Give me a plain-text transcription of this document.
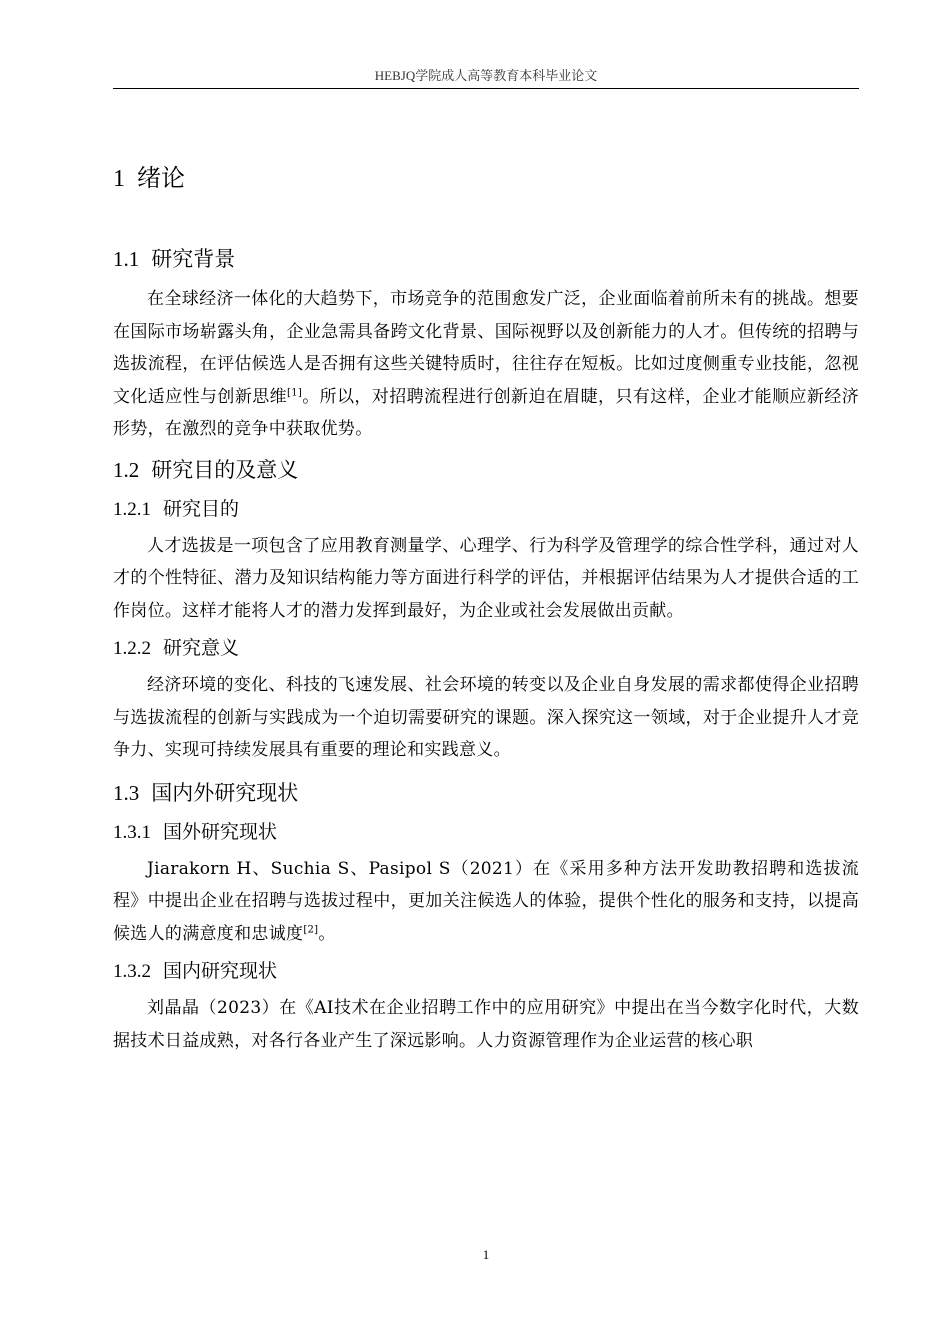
HEBJQ学院成人高等教育本科毕业论文
1 绪论
1.1 研究背景

在全球经济一体化的大趋势下，市场竞争的范围愈发广泛，企业面临着前所未有的挑战。想要在国际市场崭露头角，企业急需具备跨文化背景、国际视野以及创新能力的人才。但传统的招聘与选拔流程，在评估候选人是否拥有这些关键特质时，往往存在短板。比如过度侧重专业技能，忽视文化适应性与创新思维[1]。所以，对招聘流程进行创新迫在眉睫，只有这样，企业才能顺应新经济形势，在激烈的竞争中获取优势。

1.2 研究目的及意义
1.2.1 研究目的

人才选拔是一项包含了应用教育测量学、心理学、行为科学及管理学的综合性学科，通过对人才的个性特征、潜力及知识结构能力等方面进行科学的评估，并根据评估结果为人才提供合适的工作岗位。这样才能将人才的潜力发挥到最好，为企业或社会发展做出贡献。

1.2.2 研究意义

经济环境的变化、科技的飞速发展、社会环境的转变以及企业自身发展的需求都使得企业招聘与选拔流程的创新与实践成为一个迫切需要研究的课题。深入探究这一领域，对于企业提升人才竞争力、实现可持续发展具有重要的理论和实践意义。

1.3 国内外研究现状
1.3.1 国外研究现状

Jiarakorn H、Suchia S、Pasipol S（2021）在《采用多种方法开发助教招聘和选拔流程》中提出企业在招聘与选拔过程中，更加关注候选人的体验，提供个性化的服务和支持，以提高候选人的满意度和忠诚度[2]。

1.3.2 国内研究现状

刘晶晶（2023）在《AI技术在企业招聘工作中的应用研究》中提出在当今数字化时代，大数据技术日益成熟，对各行各业产生了深远影响。人力资源管理作为企业运营的核心职

1
